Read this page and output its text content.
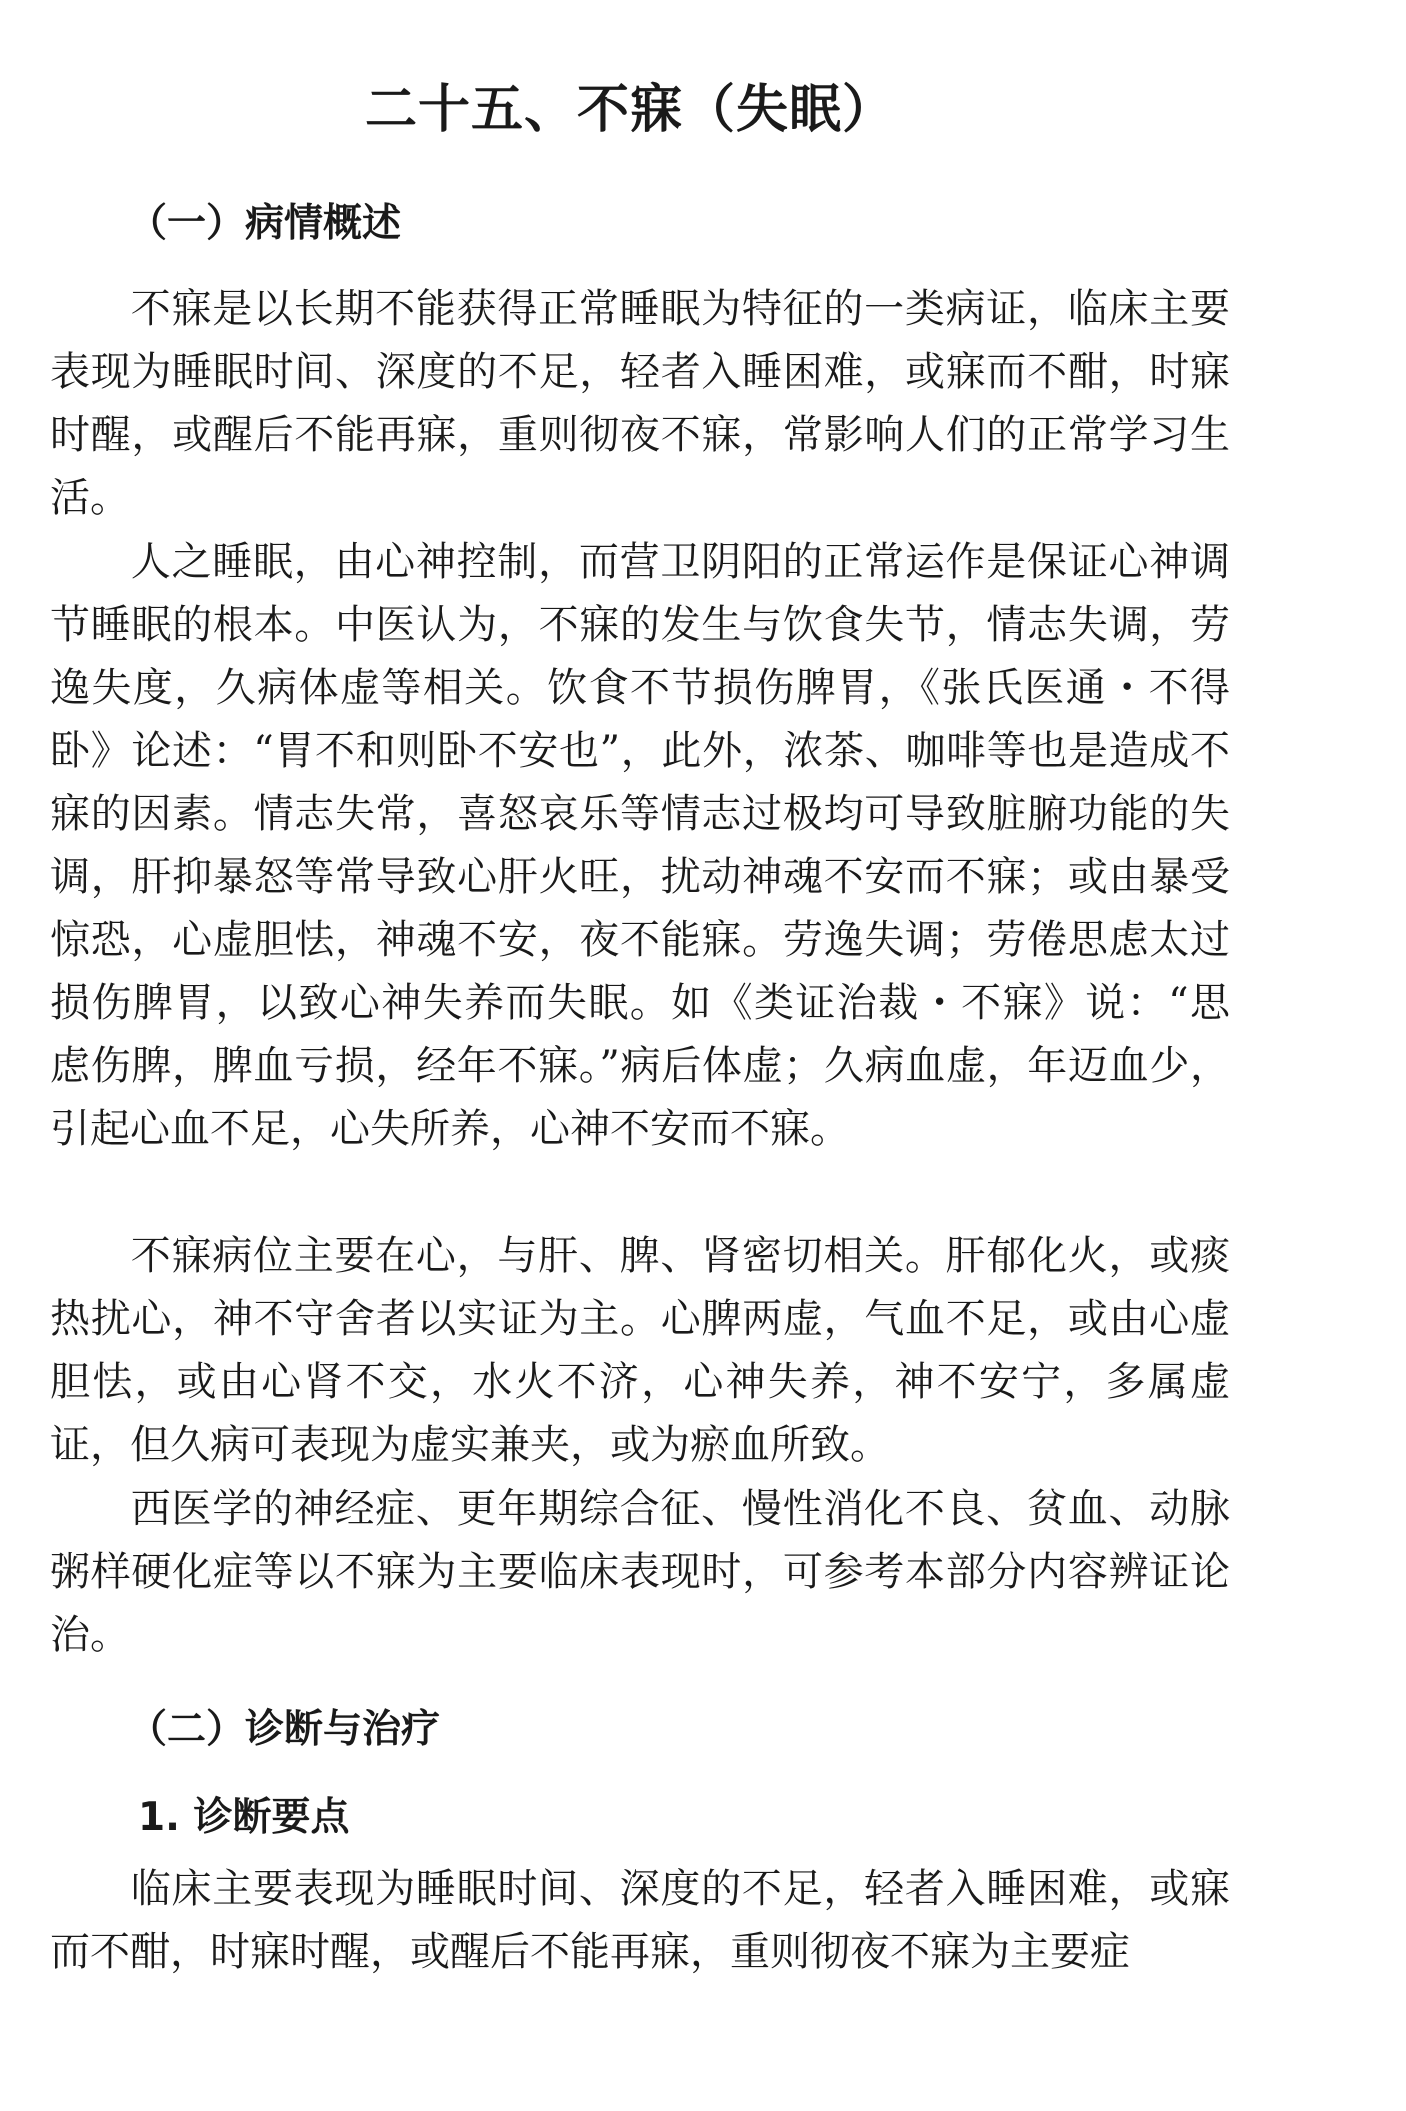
二十五、不寐（失眠）
（一）病情概述

不寐是以长期不能获得正常睡眠为特征的一类病证，临床主要表现为睡眠时间、深度的不足，轻者入睡困难，或寐而不酣，时寐时醒，或醒后不能再寐，重则彻夜不寐，常影响人们的正常学习生活。

人之睡眠，由心神控制，而营卫阴阳的正常运作是保证心神调节睡眠的根本。中医认为，不寐的发生与饮食失节，情志失调，劳逸失度，久病体虚等相关。饮食不节损伤脾胃，《张氏医通・不得卧》论述：“胃不和则卧不安也”，此外，浓茶、咖啡等也是造成不寐的因素。情志失常，喜怒哀乐等情志过极均可导致脏腑功能的失调，肝抑暴怒等常导致心肝火旺，扰动神魂不安而不寐；或由暴受惊恐，心虚胆怯，神魂不安，夜不能寐。劳逸失调；劳倦思虑太过损伤脾胃，以致心神失养而失眠。如《类证治裁・不寐》说：“思虑伤脾，脾血亏损，经年不寐。”病后体虚；久病血虚，年迈血少，引起心血不足，心失所养，心神不安而不寐。

不寐病位主要在心，与肝、脾、肾密切相关。肝郁化火，或痰热扰心，神不守舍者以实证为主。心脾两虚，气血不足，或由心虚胆怯，或由心肾不交，水火不济，心神失养，神不安宁，多属虚证，但久病可表现为虚实兼夹，或为瘀血所致。

西医学的神经症、更年期综合征、慢性消化不良、贫血、动脉粥样硬化症等以不寐为主要临床表现时，可参考本部分内容辨证论治。

（二）诊断与治疗
1. 诊断要点

临床主要表现为睡眠时间、深度的不足，轻者入睡困难，或寐而不酣，时寐时醒，或醒后不能再寐，重则彻夜不寐为主要症
